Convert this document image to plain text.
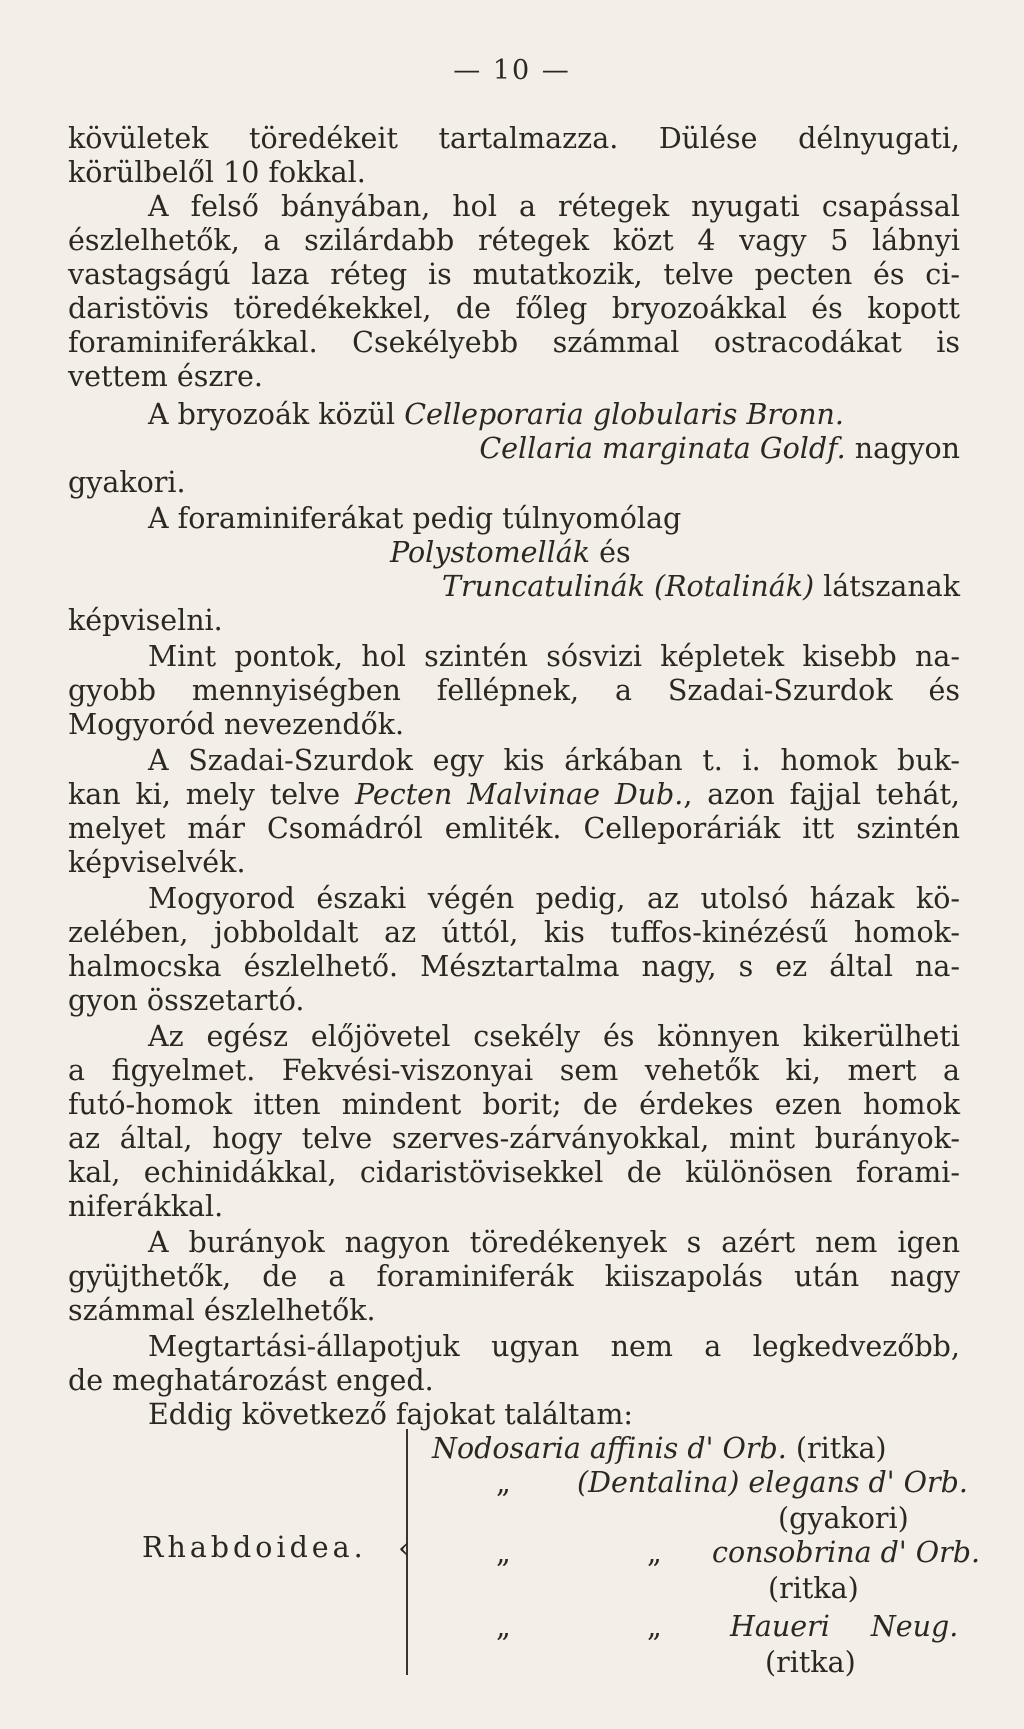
— 10 —
kövületek töredékeit tartalmazza. Dülése délnyugati,
körülbelől 10 fokkal.
A felső bányában, hol a rétegek nyugati csapással
észlelhetők, a szilárdabb rétegek közt 4 vagy 5 lábnyi
vastagságú laza réteg is mutatkozik, telve pecten és ci-
daristövis töredékekkel, de főleg bryozoákkal és kopott
foraminiferákkal. Csekélyebb számmal ostracodákat is
vettem észre.
A bryozoák közül Celleporaria globularis Bronn.
Cellaria marginata Goldf. nagyon
gyakori.
A foraminiferákat pedig túlnyomólag
Polystomellák és
Truncatulinák (Rotalinák) látszanak
képviselni.
Mint pontok, hol szintén sósvizi képletek kisebb na-
gyobb mennyiségben fellépnek, a Szadai-Szurdok és
Mogyoród nevezendők.
A Szadai-Szurdok egy kis árkában t. i. homok buk-
kan ki, mely telve Pecten Malvinae Dub., azon fajjal tehát,
melyet már Csomádról emliték. Celleporáriák itt szintén
képviselvék.
Mogyorod északi végén pedig, az utolsó házak kö-
zelében, jobboldalt az úttól, kis tuffos-kinézésű homok-
halmocska észlelhető. Mésztartalma nagy, s ez által na-
gyon összetartó.
Az egész előjövetel csekély és könnyen kikerülheti
a figyelmet. Fekvési-viszonyai sem vehetők ki, mert a
futó-homok itten mindent borit; de érdekes ezen homok
az által, hogy telve szerves-zárványokkal, mint burányok-
kal, echinidákkal, cidaristövisekkel de különösen forami-
niferákkal.
A burányok nagyon töredékenyek s azért nem igen
gyüjthetők, de a foraminiferák kiiszapolás után nagy
számmal észlelhetők.
Megtartási-állapotjuk ugyan nem a legkedvezőbb,
de meghatározást enged.
Eddig következő fajokat találtam:
Rhabdoidea. ‹
Nodosaria affinis d' Orb. (ritka)
„ (Dentalina) elegans d' Orb.
(gyakori)
„	„ consobrina d' Orb.
(ritka)
„	„ Haueri Neug.
(ritka)
